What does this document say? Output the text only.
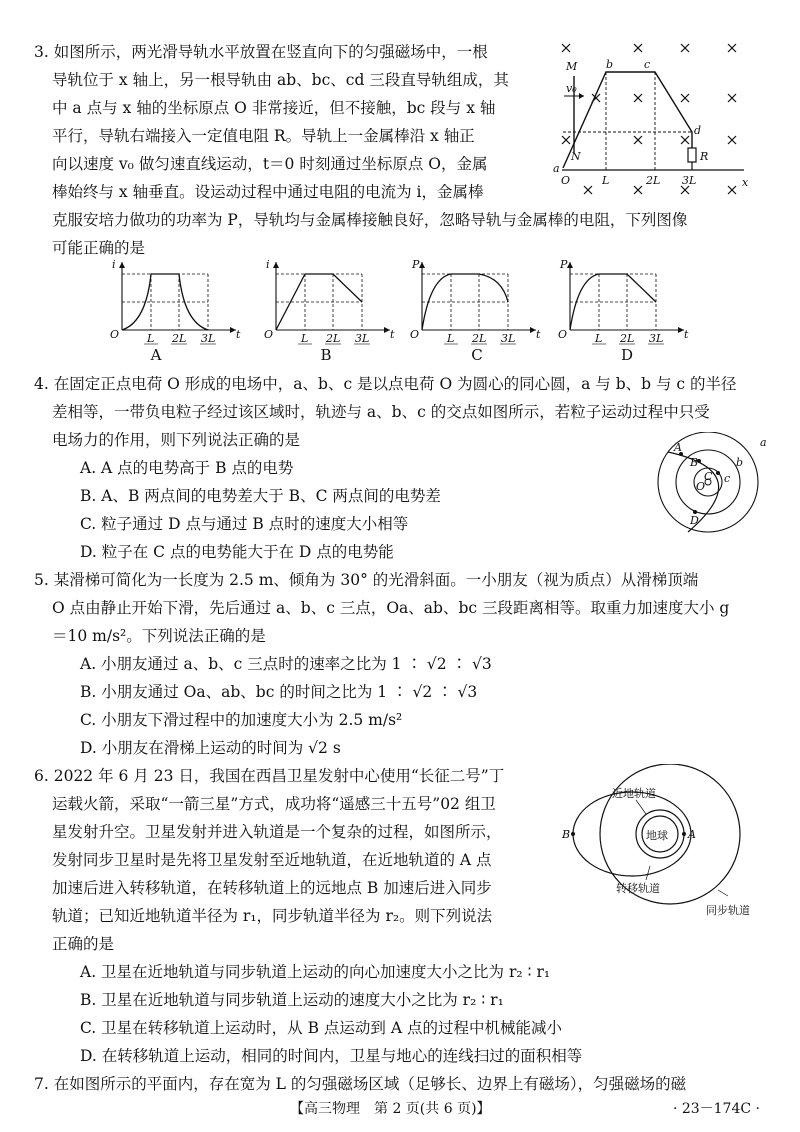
3. 如图所示，两光滑导轨水平放置在竖直向下的匀强磁场中，一根
导轨位于 x 轴上，另一根导轨由 ab、bc、cd 三段直导轨组成，其
中 a 点与 x 轴的坐标原点 O 非常接近，但不接触，bc 段与 x 轴
平行，导轨右端接入一定值电阻 R。导轨上一金属棒沿 x 轴正
向以速度 v₀ 做匀速直线运动，t＝0 时刻通过坐标原点 O，金属
棒始终与 x 轴垂直。设运动过程中通过电阻的电流为 i，金属棒
克服安培力做功的功率为 P，导轨均与金属棒接触良好，忽略导轨与金属棒的电阻，下列图像
可能正确的是
M	b	c
d
N
a
O
R
x
v₀
L	2L 3L
i
O	t
L 2L 3L
A
i
O	t
L 2L 3L
B
P
O	t
L 2L 3L
C
P
O	t
L 2L 3L
D
4. 在固定正点电荷 O 形成的电场中，a、b、c 是以点电荷 O 为圆心的同心圆，a 与 b、b 与 c 的半径
差相等，一带负电粒子经过该区域时，轨迹与 a、b、c 的交点如图所示，若粒子运动过程中只受
电场力的作用，则下列说法正确的是
A. A 点的电势高于 B 点的电势
B. A、B 两点间的电势差大于 B、C 两点间的电势差
C. 粒子通过 D 点与通过 B 点时的速度大小相等
D. 粒子在 C 点的电势能大于在 D 点的电势能
A
B
C
D
O
a
b
c
5. 某滑梯可简化为一长度为 2.5 m、倾角为 30° 的光滑斜面。一小朋友（视为质点）从滑梯顶端
O 点由静止开始下滑，先后通过 a、b、c 三点，Oa、ab、bc 三段距离相等。取重力加速度大小 g
＝10 m/s²。下列说法正确的是
A. 小朋友通过 a、b、c 三点时的速率之比为 1 ∶ √2 ∶ √3
B. 小朋友通过 Oa、ab、bc 的时间之比为 1 ∶ √2 ∶ √3
C. 小朋友下滑过程中的加速度大小为 2.5 m/s²
D. 小朋友在滑梯上运动的时间为 √2 s
6. 2022 年 6 月 23 日，我国在西昌卫星发射中心使用“长征二号”丁
运载火箭，采取“一箭三星”方式，成功将“遥感三十五号”02 组卫
星发射升空。卫星发射并进入轨道是一个复杂的过程，如图所示，
发射同步卫星时是先将卫星发射至近地轨道，在近地轨道的 A 点
加速后进入转移轨道，在转移轨道上的远地点 B 加速后进入同步
轨道；已知近地轨道半径为 r₁，同步轨道半径为 r₂。则下列说法
正确的是
A. 卫星在近地轨道与同步轨道上运动的向心加速度大小之比为 r₂ ∶ r₁
B. 卫星在近地轨道与同步轨道上运动的速度大小之比为 r₂ ∶ r₁
C. 卫星在转移轨道上运动时，从 B 点运动到 A 点的过程中机械能减小
D. 在转移轨道上运动，相同的时间内，卫星与地心的连线扫过的面积相等
近地轨道
地球
转移轨道
同步轨道
B	A
7. 在如图所示的平面内，存在宽为 L 的匀强磁场区域（足够长、边界上有磁场），匀强磁场的磁
【高三物理　第 2 页(共 6 页)】	· 23－174C ·
